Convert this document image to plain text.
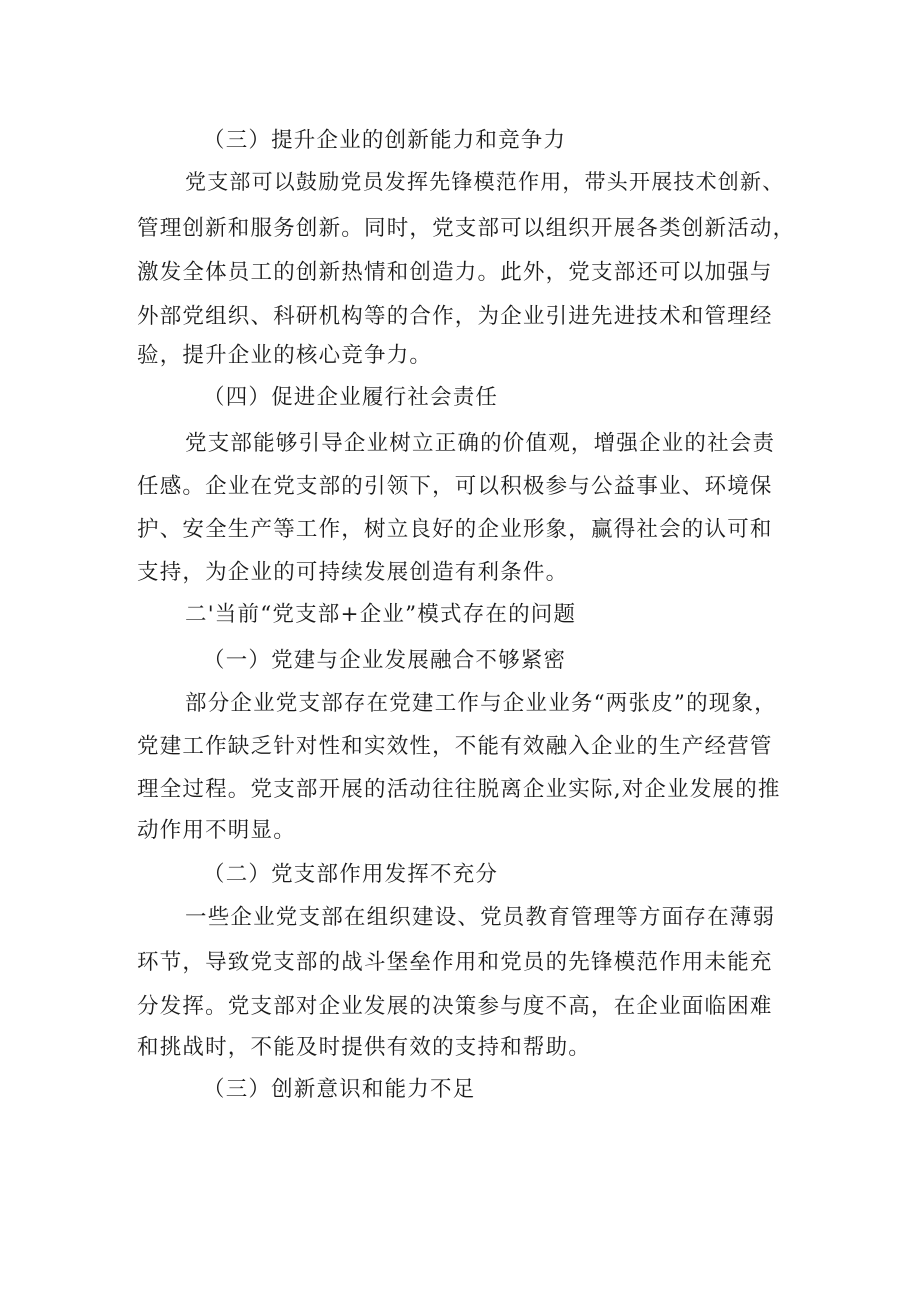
（三）提升企业的创新能力和竞争力
党支部可以鼓励党员发挥先锋模范作用，带头开展技术创新、
管理创新和服务创新。同时，党支部可以组织开展各类创新活动，
激发全体员工的创新热情和创造力。此外，党支部还可以加强与
外部党组织、科研机构等的合作，为企业引进先进技术和管理经
验，提升企业的核心竞争力。
（四）促进企业履行社会责任
党支部能够引导企业树立正确的价值观，增强企业的社会责
任感。企业在党支部的引领下，可以积极参与公益事业、环境保
护、安全生产等工作，树立良好的企业形象，赢得社会的认可和
支持，为企业的可持续发展创造有利条件。
二'当前“党支部+企业”模式存在的问题
（一）党建与企业发展融合不够紧密
部分企业党支部存在党建工作与企业业务“两张皮”的现象，
党建工作缺乏针对性和实效性，不能有效融入企业的生产经营管
理全过程。党支部开展的活动往往脱离企业实际,对企业发展的推
动作用不明显。
（二）党支部作用发挥不充分
一些企业党支部在组织建设、党员教育管理等方面存在薄弱
环节，导致党支部的战斗堡垒作用和党员的先锋模范作用未能充
分发挥。党支部对企业发展的决策参与度不高，在企业面临困难
和挑战时，不能及时提供有效的支持和帮助。
（三）创新意识和能力不足
